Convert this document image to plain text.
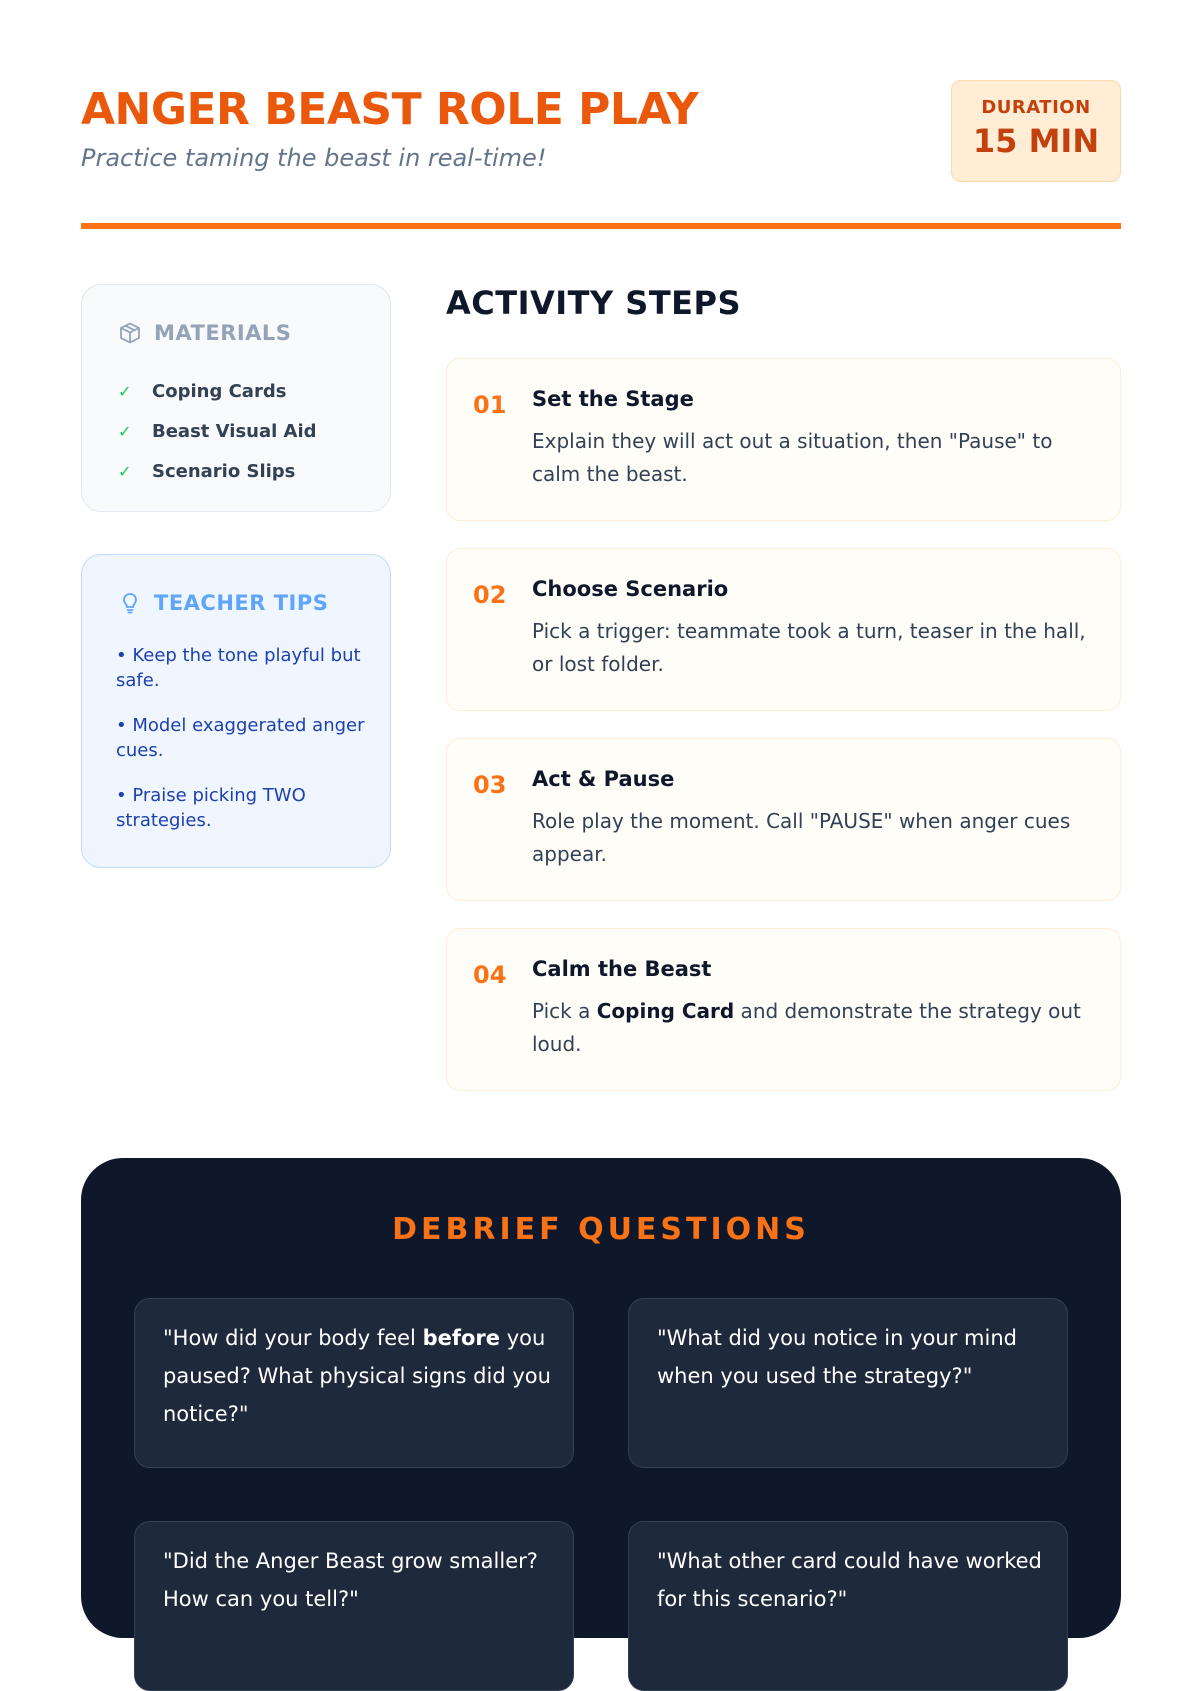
ANGER BEAST ROLE PLAY

Practice taming the beast in real-time!

DURATION
15 MIN
MATERIALS
✓	Coping Cards
✓	Beast Visual Aid
✓	Scenario Slips
TEACHER TIPS
• Keep the tone playful but safe.
• Model exaggerated anger cues.
• Praise picking TWO strategies.
ACTIVITY STEPS
01 Set the Stage

Explain they will act out a situation, then "Pause" to calm the beast.

02 Choose Scenario

Pick a trigger: teammate took a turn, teaser in the hall, or lost folder.

03 Act & Pause

Role play the moment. Call "PAUSE" when anger cues appear.

04 Calm the Beast

Pick a Coping Card and demonstrate the strategy out loud.

DEBRIEF QUESTIONS

"How did your body feel before you paused? What physical signs did you notice?"

"What did you notice in your mind when you used the strategy?"

"Did the Anger Beast grow smaller? How can you tell?"

"What other card could have worked for this scenario?"
